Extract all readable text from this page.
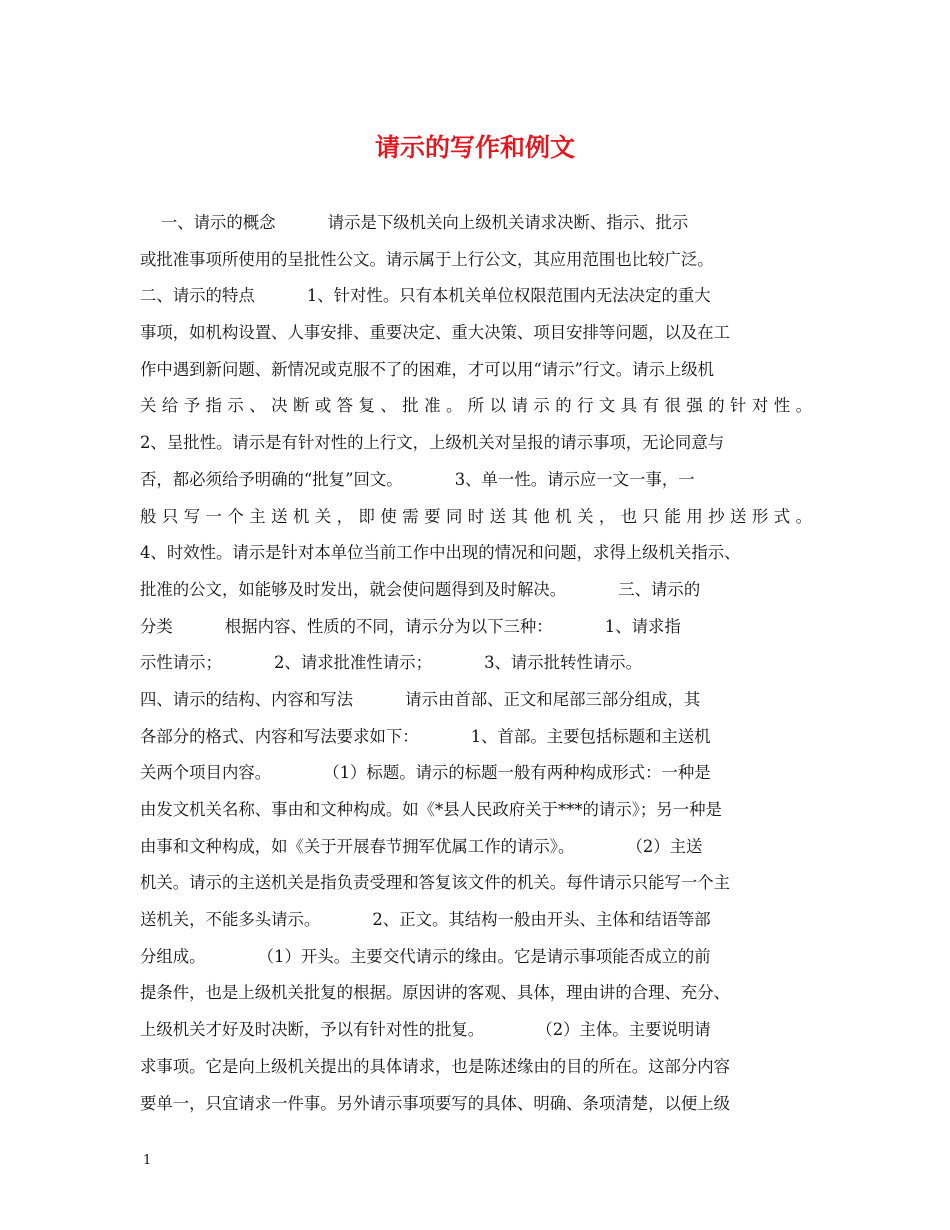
请示的写作和例文
一、请示的概念          请示是下级机关向上级机关请求决断、指示、批示
或批准事项所使用的呈批性公文。请示属于上行公文，其应用范围也比较广泛。
二、请示的特点          1、针对性。只有本机关单位权限范围内无法决定的重大
事项，如机构设置、人事安排、重要决定、重大决策、项目安排等问题，以及在工
作中遇到新问题、新情况或克服不了的困难，才可以用“请示”行文。请示上级机
关给予指示、决断或答复、批准。所以请示的行文具有很强的针对性。
2、呈批性。请示是有针对性的上行文，上级机关对呈报的请示事项，无论同意与
否，都必须给予明确的“批复”回文。          3、单一性。请示应一文一事，一
般只写一个主送机关，即使需要同时送其他机关，也只能用抄送形式。
4、时效性。请示是针对本单位当前工作中出现的情况和问题，求得上级机关指示、
批准的公文，如能够及时发出，就会使问题得到及时解决。          三、请示的
分类          根据内容、性质的不同，请示分为以下三种：          1、请求指
示性请示；          2、请求批准性请示；          3、请示批转性请示。
四、请示的结构、内容和写法          请示由首部、正文和尾部三部分组成，其
各部分的格式、内容和写法要求如下：          1、首部。主要包括标题和主送机
关两个项目内容。          （1）标题。请示的标题一般有两种构成形式：一种是
由发文机关名称、事由和文种构成。如《*县人民政府关于***的请示》；另一种是
由事和文种构成，如《关于开展春节拥军优属工作的请示》。          （2）主送
机关。请示的主送机关是指负责受理和答复该文件的机关。每件请示只能写一个主
送机关，不能多头请示。          2、正文。其结构一般由开头、主体和结语等部
分组成。          （1）开头。主要交代请示的缘由。它是请示事项能否成立的前
提条件，也是上级机关批复的根据。原因讲的客观、具体，理由讲的合理、充分、
上级机关才好及时决断，予以有针对性的批复。          （2）主体。主要说明请
求事项。它是向上级机关提出的具体请求，也是陈述缘由的目的所在。这部分内容
要单一，只宜请求一件事。另外请示事项要写的具体、明确、条项清楚，以便上级
1
